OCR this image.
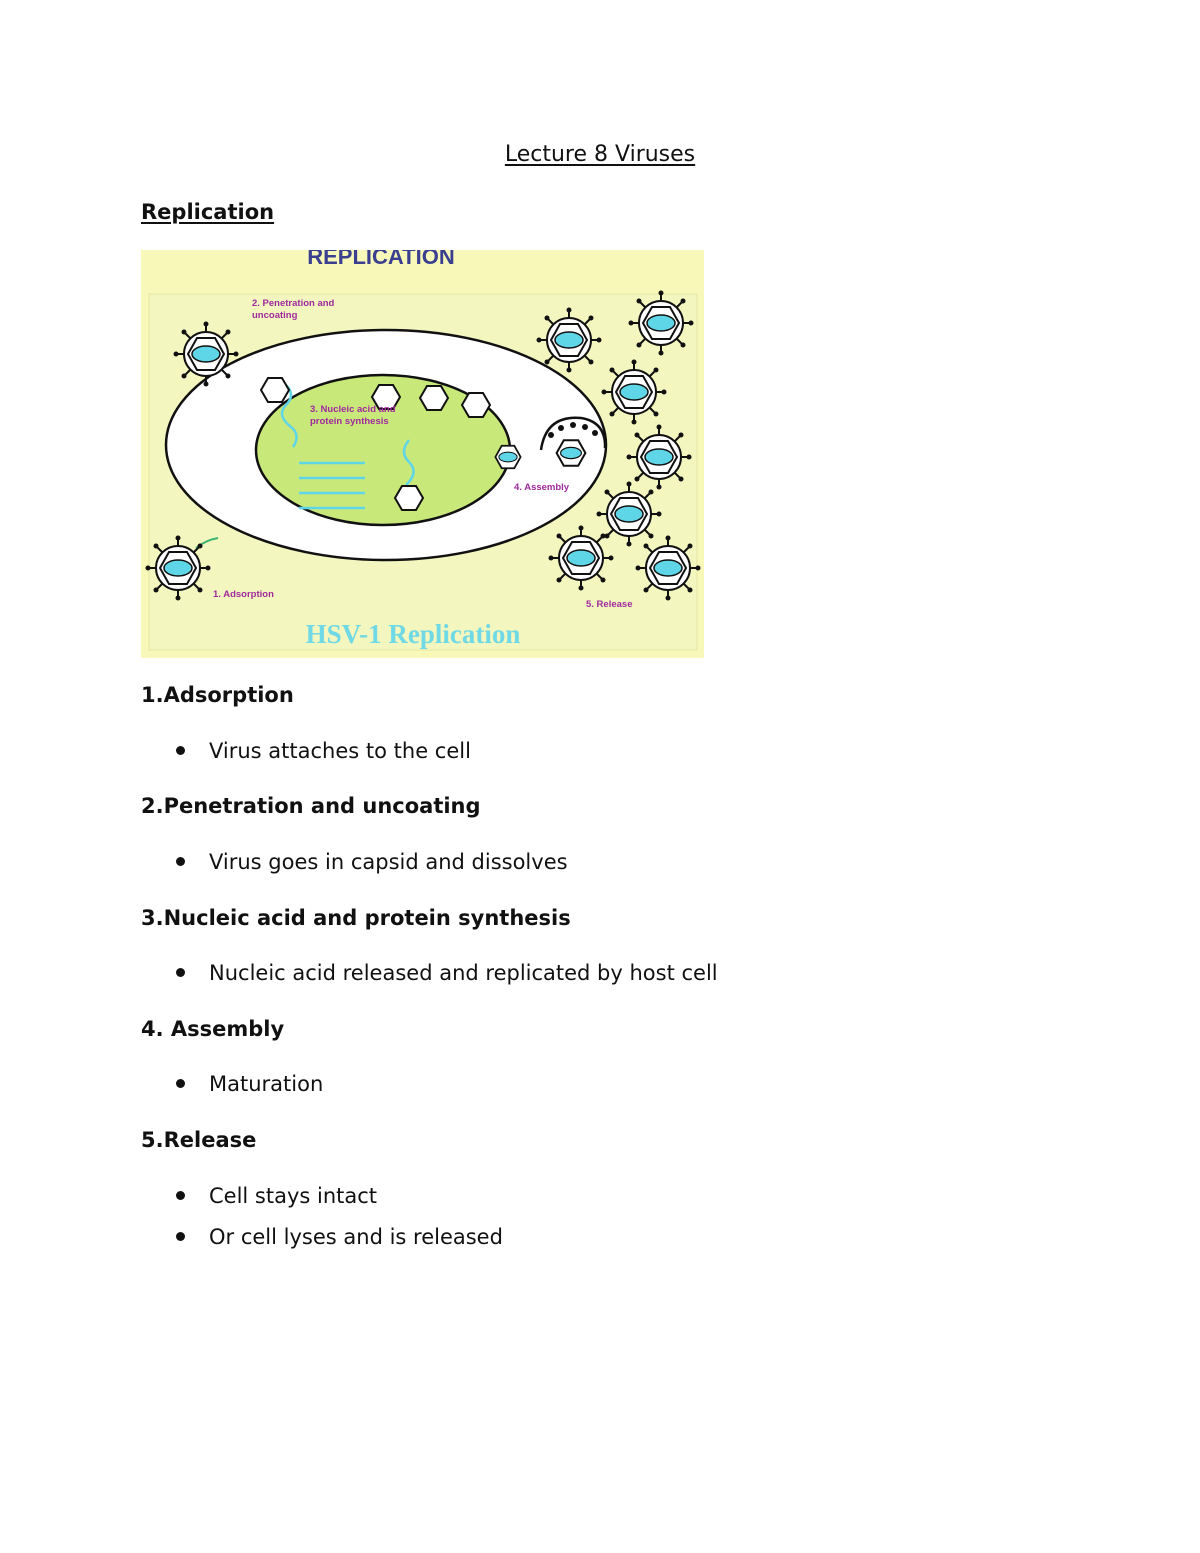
Lecture 8 Viruses
Replication
REPLICATION
2. Penetration and
uncoating
3. Nucleic acid and
protein synthesis
4. Assembly
1. Adsorption
5. Release
HSV-1 Replication
1.Adsorption
Virus attaches to the cell
2.Penetration and uncoating
Virus goes in capsid and dissolves
3.Nucleic acid and protein synthesis
Nucleic acid released and replicated by host cell
4. Assembly
Maturation
5.Release
Cell stays intact
Or cell lyses and is released
